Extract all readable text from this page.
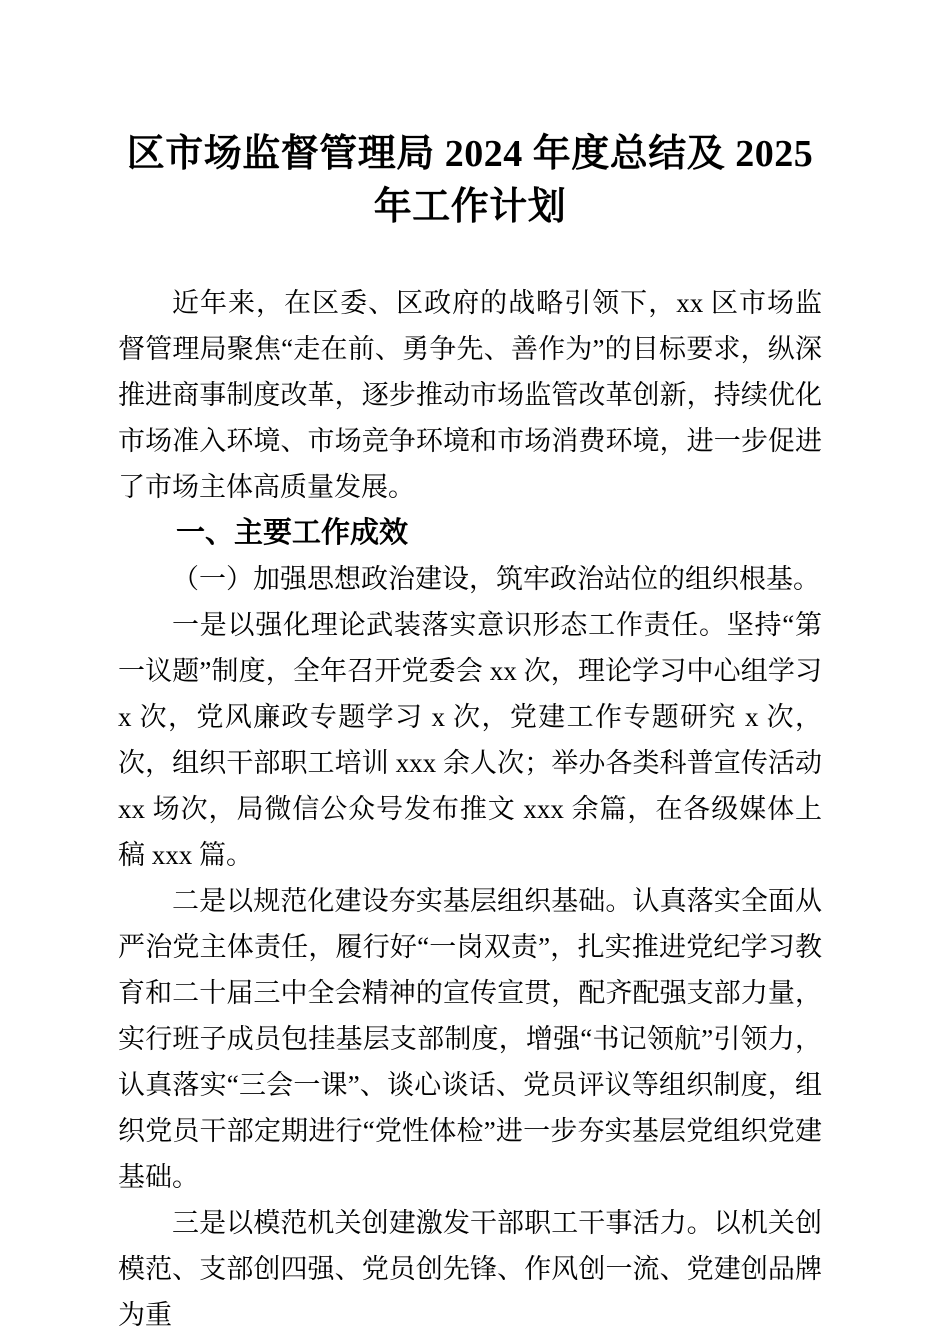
区市场监督管理局 2024 年度总结及 2025 年工作计划

近年来，在区委、区政府的战略引领下，xx 区市场监督管理局聚焦“走在前、勇争先、善作为”的目标要求，纵深推进商事制度改革，逐步推动市场监管改革创新，持续优化市场准入环境、市场竞争环境和市场消费环境，进一步促进了市场主体高质量发展。

一、主要工作成效
（一）加强思想政治建设，筑牢政治站位的组织根基。

一是以强化理论武装落实意识形态工作责任。坚持“第一议题”制度，全年召开党委会 xx 次，理论学习中心组学习 x 次，党风廉政专题学习 x 次，党建工作专题研究 x 次，次，组织干部职工培训 xxx 余人次；举办各类科普宣传活动 xx 场次，局微信公众号发布推文 xxx 余篇，在各级媒体上稿 xxx 篇。

二是以规范化建设夯实基层组织基础。认真落实全面从严治党主体责任，履行好“一岗双责”，扎实推进党纪学习教育和二十届三中全会精神的宣传宣贯，配齐配强支部力量，实行班子成员包挂基层支部制度，增强“书记领航”引领力，认真落实“三会一课”、谈心谈话、党员评议等组织制度，组织党员干部定期进行“党性体检”进一步夯实基层党组织党建基础。

三是以模范机关创建激发干部职工干事活力。以机关创模范、支部创四强、党员创先锋、作风创一流、党建创品牌为重
